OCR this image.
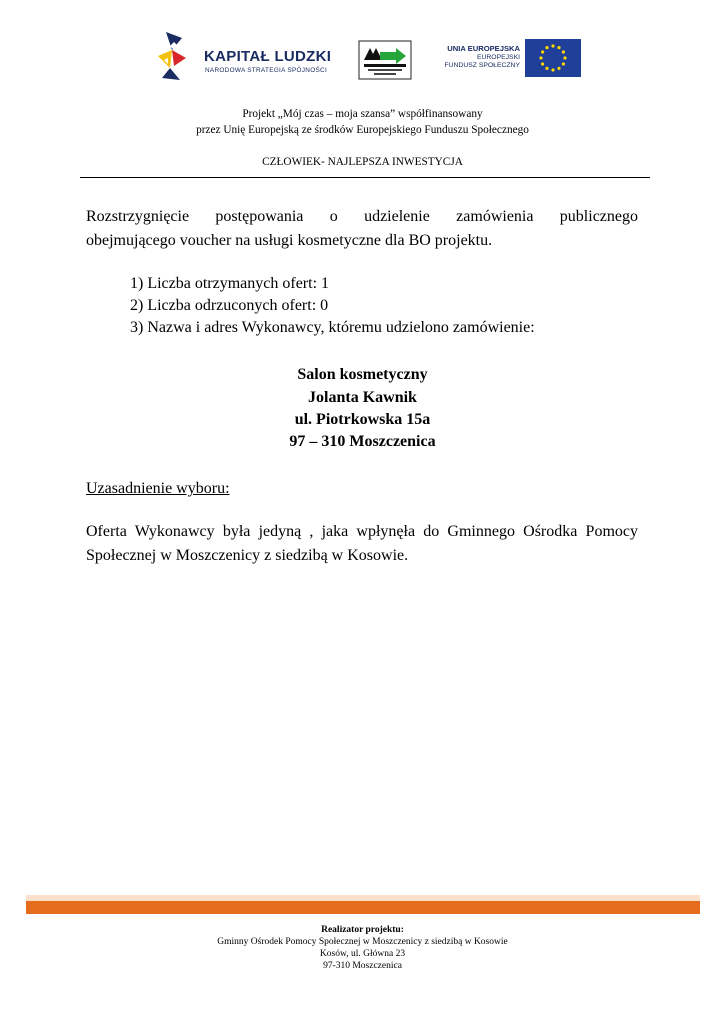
KAPITAŁ LUDZKI
NARODOWA STRATEGIA SPÓJNOŚCI
UNIA EUROPEJSKA
EUROPEJSKI
FUNDUSZ SPOŁECZNY
Projekt „Mój czas – moja szansa” współfinansowany
przez Unię Europejską ze środków Europejskiego Funduszu Społecznego
CZŁOWIEK- NAJLEPSZA INWESTYCJA
Rozstrzygnięcie postępowania o udzielenie zamówienia publicznego
obejmującego voucher na usługi kosmetyczne dla BO projektu.
1) Liczba otrzymanych ofert: 1
2) Liczba odrzuconych ofert: 0
3) Nazwa i adres Wykonawcy, któremu udzielono zamówienie:
Salon kosmetyczny
Jolanta Kawnik
ul. Piotrkowska 15a
97 – 310 Moszczenica
Uzasadnienie wyboru:
Oferta Wykonawcy była jedyną , jaka wpłynęła do Gminnego Ośrodka Pomocy
Społecznej w Moszczenicy z siedzibą w Kosowie.
Realizator projektu:
Gminny Ośrodek Pomocy Społecznej w Moszczenicy z siedzibą w Kosowie
Kosów, ul. Główna 23
97-310 Moszczenica
